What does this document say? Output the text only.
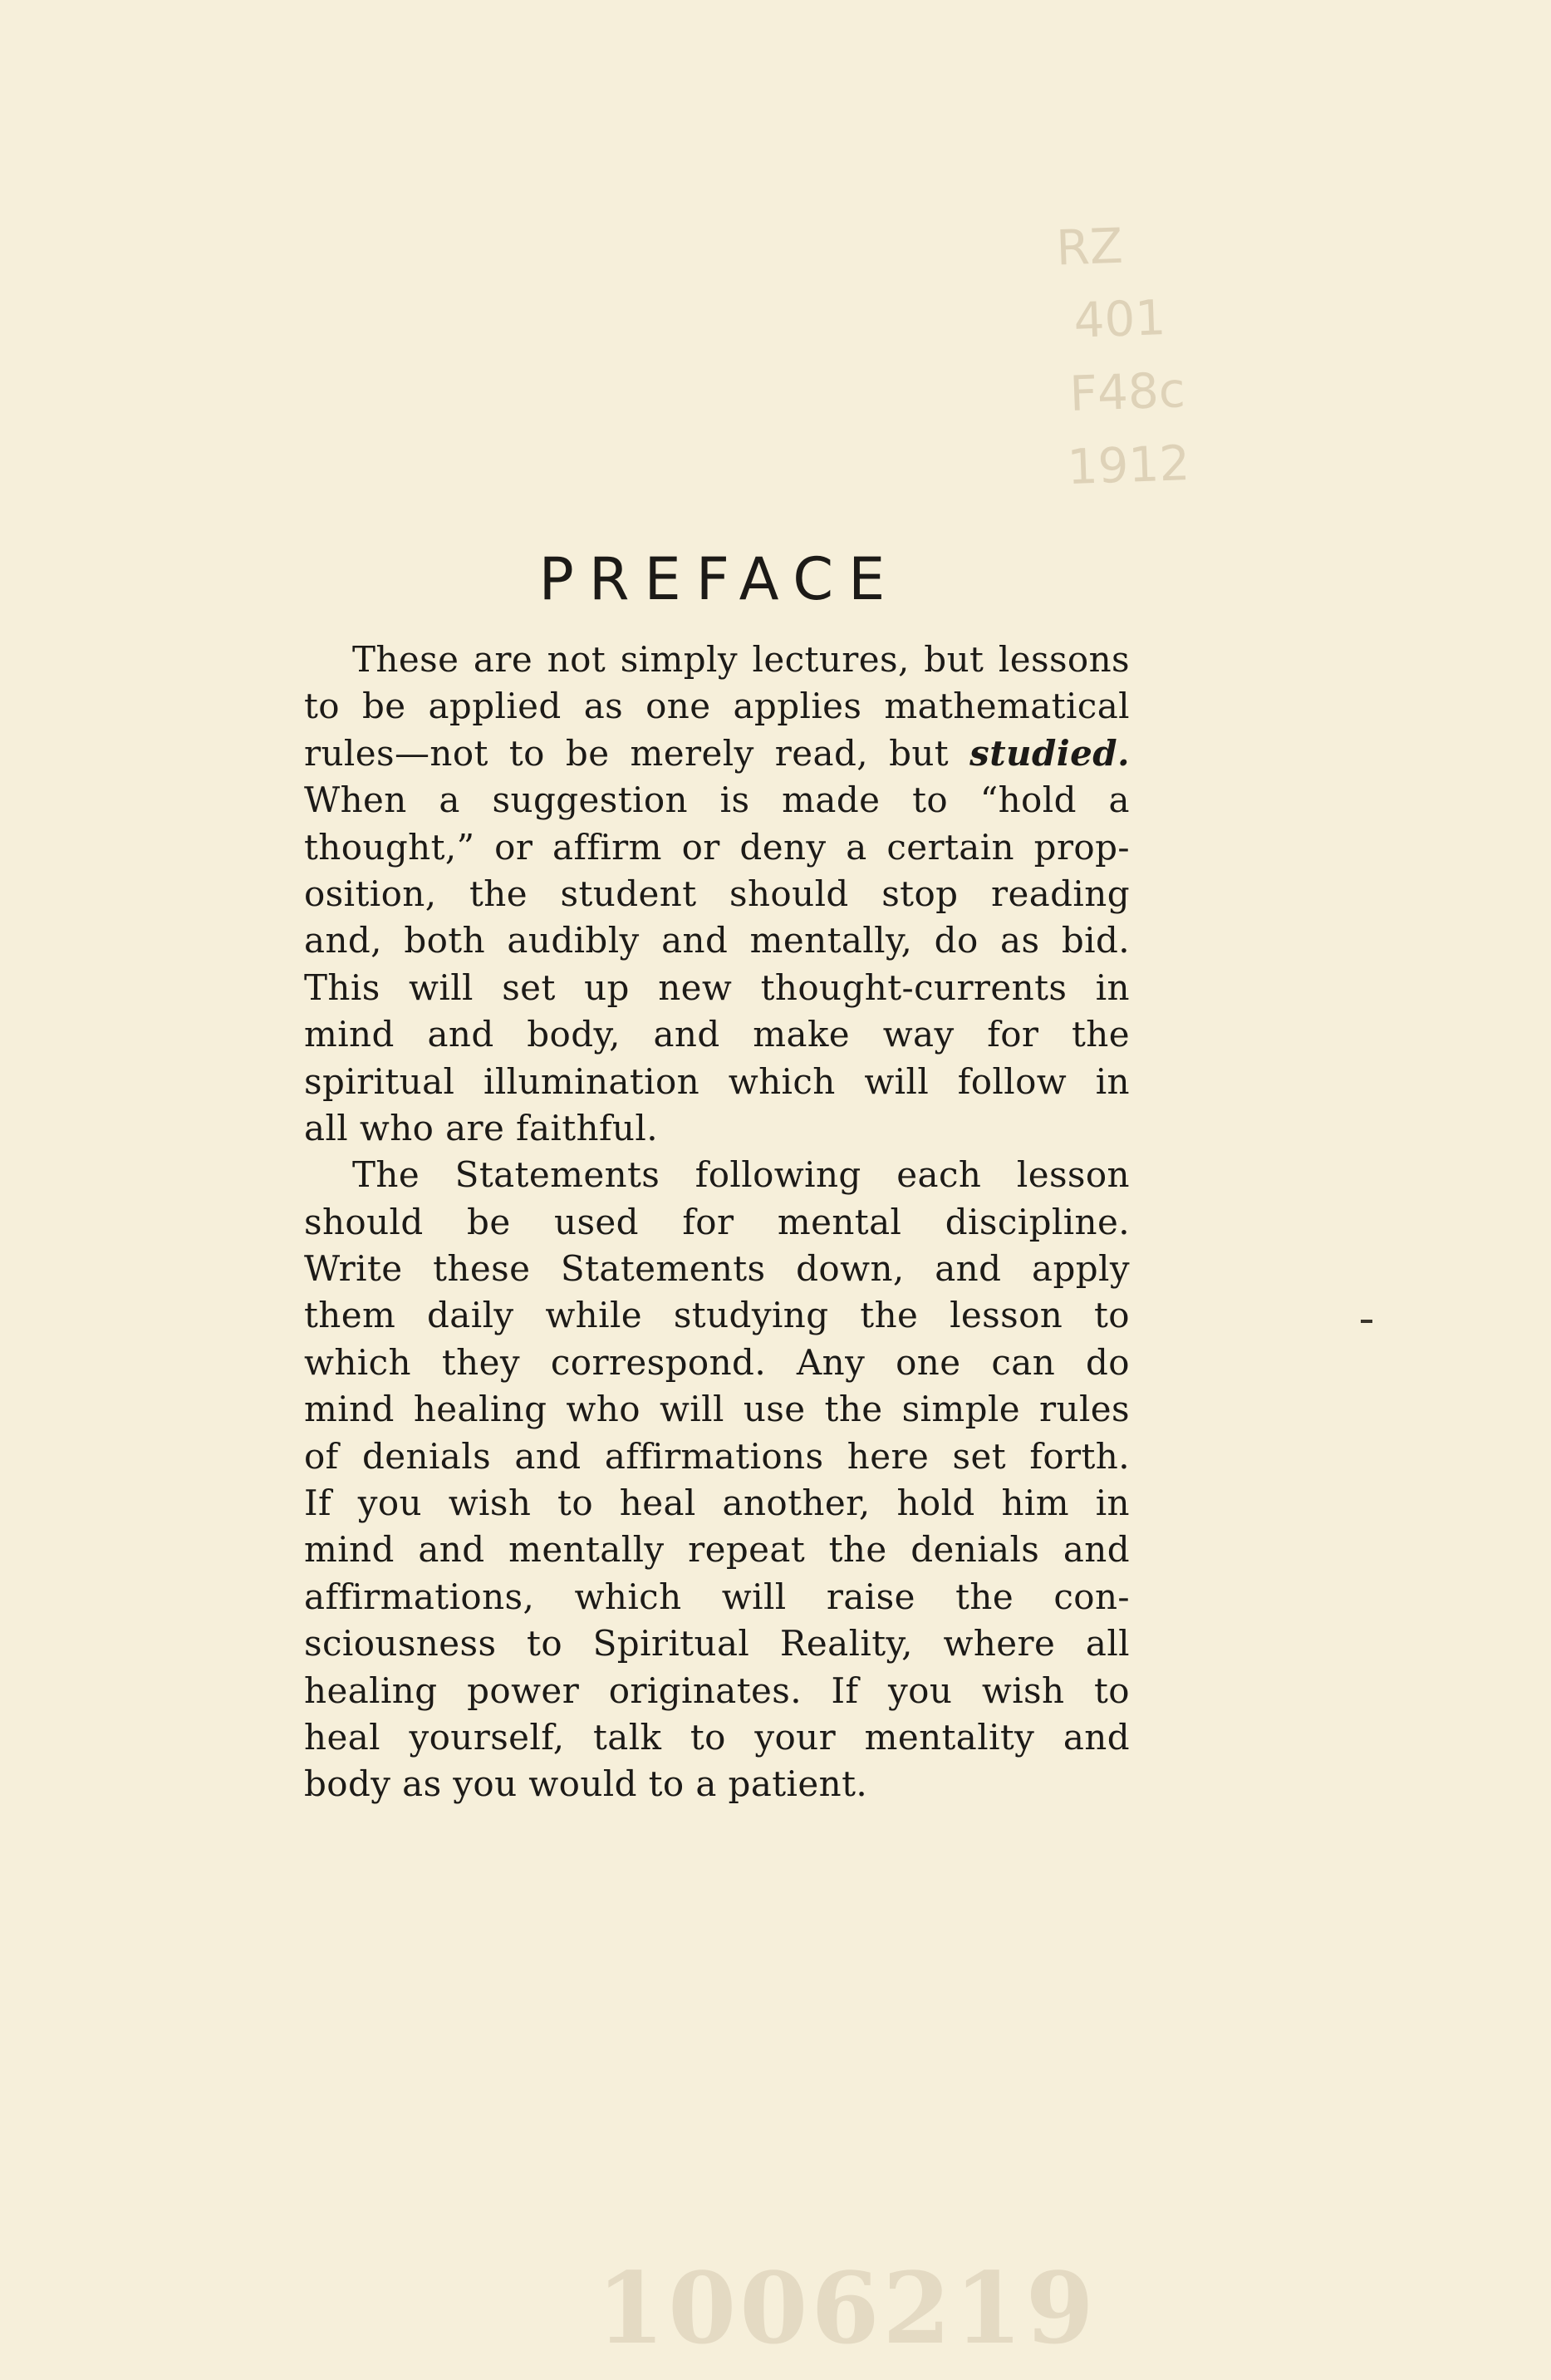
RZ
401
F48c
1912
PREFACE
These are not simply lectures, but lessons
to be applied as one applies mathematical
rules—not to be merely read, but studied.
When a suggestion is made to “hold a
thought,” or affirm or deny a certain prop-
osition, the student should stop reading
and, both audibly and mentally, do as bid.
This will set up new thought-currents in
mind and body, and make way for the
spiritual illumination which will follow in
all who are faithful.
The Statements following each lesson
should be used for mental discipline.
Write these Statements down, and apply
them daily while studying the lesson to
which they correspond. Any one can do
mind healing who will use the simple rules
of denials and affirmations here set forth.
If you wish to heal another, hold him in
mind and mentally repeat the denials and
affirmations, which will raise the con-
sciousness to Spiritual Reality, where all
healing power originates. If you wish to
heal yourself, talk to your mentality and
body as you would to a patient.
1006219
